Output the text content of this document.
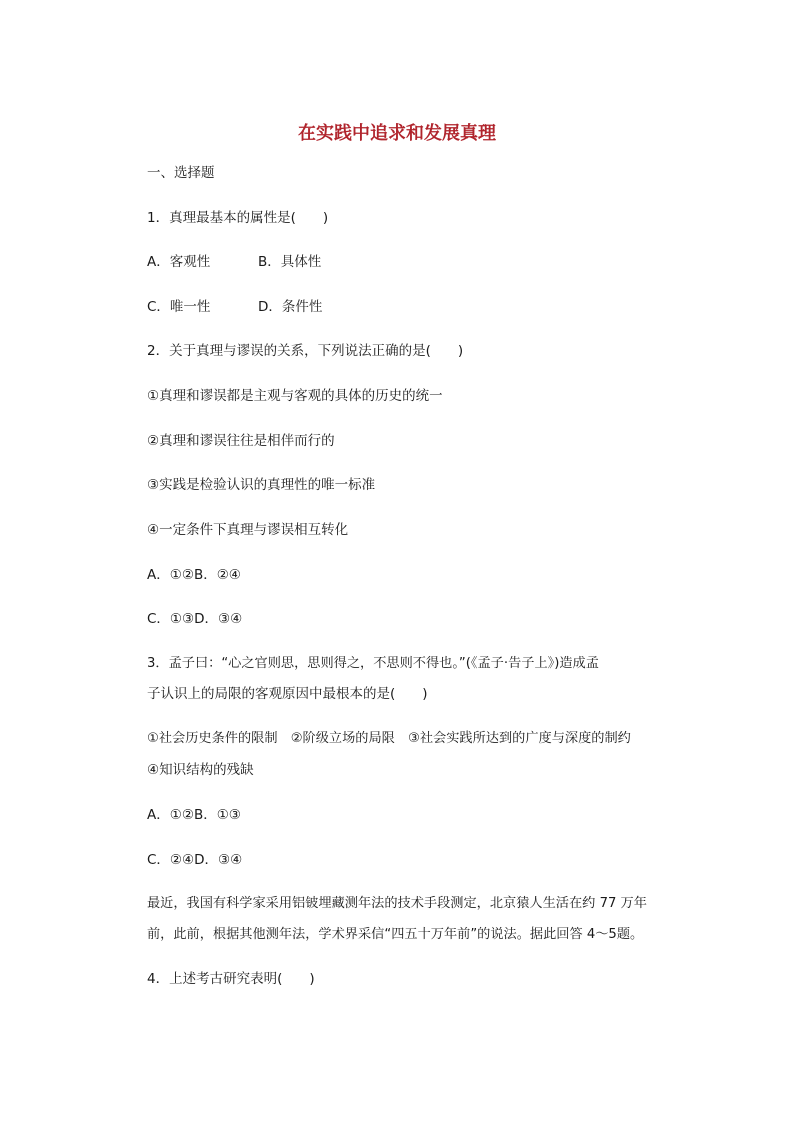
在实践中追求和发展真理
一、选择题
1．真理最基本的属性是(　　)
A．客观性	B．具体性
C．唯一性	D．条件性
2．关于真理与谬误的关系，下列说法正确的是(　　)
①真理和谬误都是主观与客观的具体的历史的统一
②真理和谬误往往是相伴而行的
③实践是检验认识的真理性的唯一标准
④一定条件下真理与谬误相互转化
A．①②B．②④
C．①③D．③④
3．孟子曰：“心之官则思，思则得之，不思则不得也。”(《孟子·告子上》)造成孟
子认识上的局限的客观原因中最根本的是(　　)
①社会历史条件的限制　②阶级立场的局限　③社会实践所达到的广度与深度的制约
④知识结构的残缺
A．①②B．①③
C．②④D．③④
最近，我国有科学家采用铝铍埋藏测年法的技术手段测定，北京猿人生活在约 77 万年
前，此前，根据其他测年法，学术界采信“四五十万年前”的说法。据此回答 4～5题。
4．上述考古研究表明(　　)
